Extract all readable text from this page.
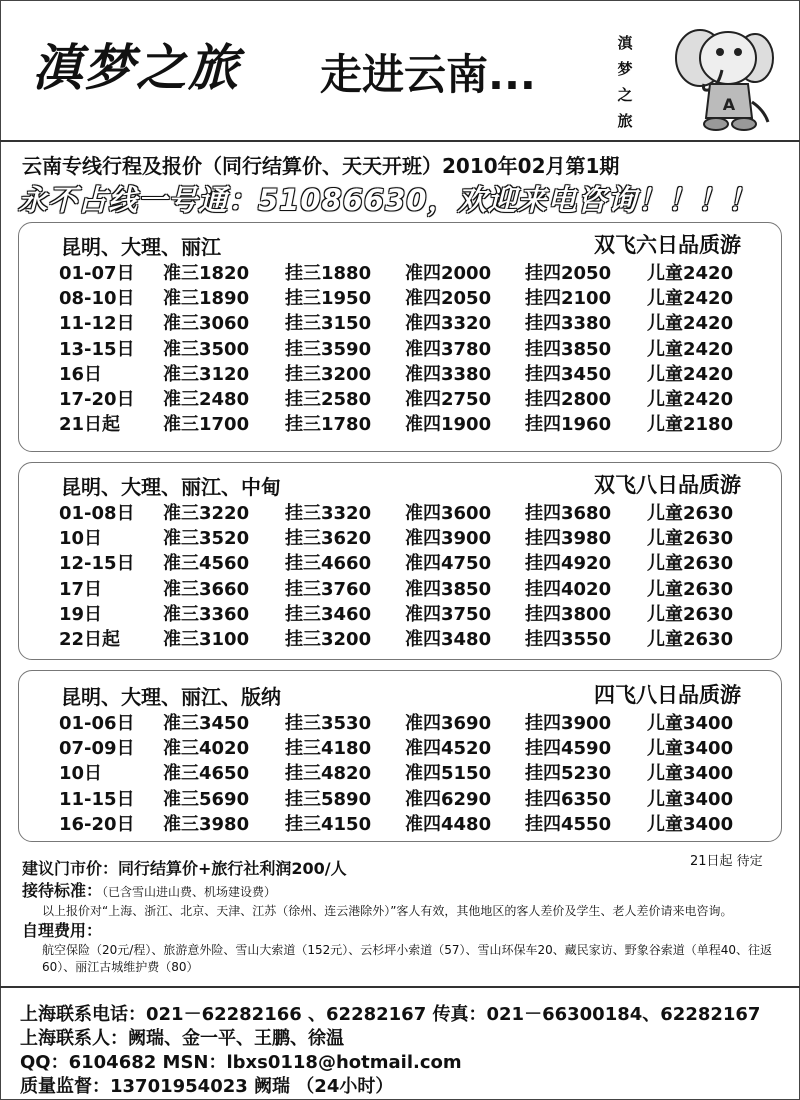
滇梦之旅 走进云南...
滇
梦
之
旅
A
云南专线行程及报价（同行结算价、天天开班）2010年02月第1期
永不占线一号通：51086630，欢迎来电咨询！！！！
昆明、大理、丽江	双飞六日品质游
01-07日 准三1820 挂三1880 准四2000 挂四2050 儿童2420
08-10日 准三1890 挂三1950 准四2050 挂四2100 儿童2420
11-12日 准三3060 挂三3150 准四3320 挂四3380 儿童2420
13-15日 准三3500 挂三3590 准四3780 挂四3850 儿童2420
16日	准三3120 挂三3200 准四3380 挂四3450 儿童2420
17-20日 准三2480 挂三2580 准四2750 挂四2800 儿童2420
21日起 准三1700 挂三1780 准四1900 挂四1960 儿童2180
昆明、大理、丽江、中甸	双飞八日品质游
01-08日 准三3220 挂三3320 准四3600 挂四3680 儿童2630
10日	准三3520 挂三3620 准四3900 挂四3980 儿童2630
12-15日 准三4560 挂三4660 准四4750 挂四4920 儿童2630
17日	准三3660 挂三3760 准四3850 挂四4020 儿童2630
19日	准三3360 挂三3460 准四3750 挂四3800 儿童2630
22日起 准三3100 挂三3200 准四3480 挂四3550 儿童2630
昆明、大理、丽江、版纳	四飞八日品质游
01-06日 准三3450 挂三3530 准四3690 挂四3900 儿童3400
07-09日 准三4020 挂三4180 准四4520 挂四4590 儿童3400
10日	准三4650 挂三4820 准四5150 挂四5230 儿童3400
11-15日 准三5690 挂三5890 准四6290 挂四6350 儿童3400
16-20日 准三3980 挂三4150 准四4480 挂四4550 儿童3400
21日起 待定
建议门市价：同行结算价+旅行社利润200/人
接待标准：（已含雪山进山费、机场建设费）
以上报价对“上海、浙江、北京、天津、江苏（徐州、连云港除外）”客人有效，其他地区的客人差价及学生、老人差价请来电咨询。
自理费用：
航空保险（20元/程）、旅游意外险、雪山大索道（152元）、云杉坪小索道（57）、雪山环保车20、藏民家访、野象谷索道（单程40、往返60）、丽江古城维护费（80）
上海联系电话：021－62282166 、62282167 传真：021－66300184、62282167
上海联系人：阙瑞、金一平、王鹏、徐温
QQ：6104682 MSN：lbxs0118@hotmail.com
质量监督：13701954023 阙瑞 （24小时）
